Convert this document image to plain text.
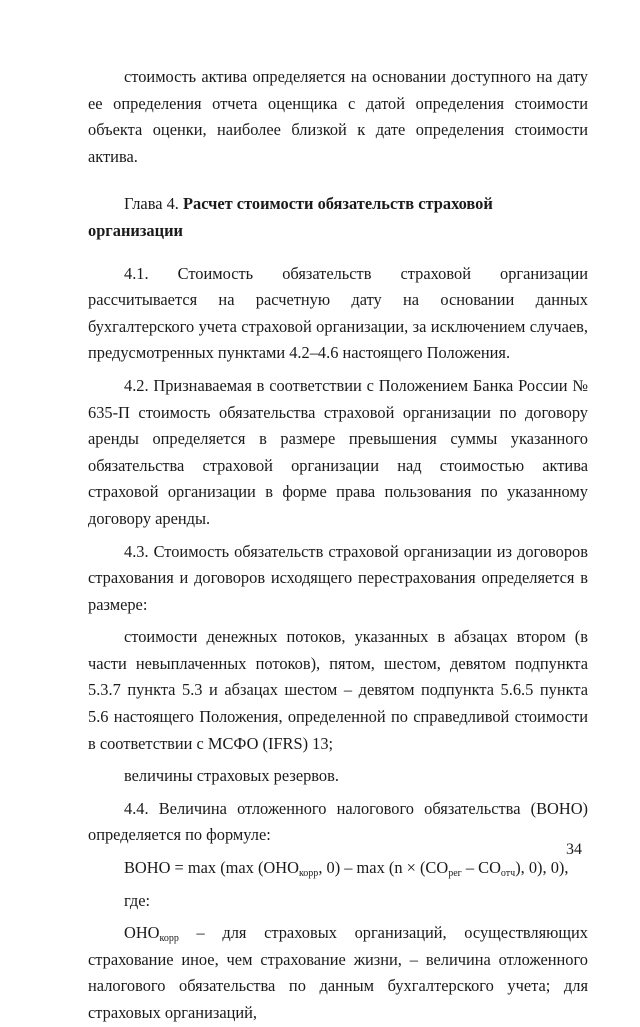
стоимость актива определяется на основании доступного на дату ее определения отчета оценщика с датой определения стоимости объекта оценки, наиболее близкой к дате определения стоимости актива.

Глава 4. Расчет стоимости обязательств страховой организации

4.1. Стоимость обязательств страховой организации рассчитывается на расчетную дату на основании данных бухгалтерского учета страховой организации, за исключением случаев, предусмотренных пунктами 4.2–4.6 настоящего Положения.

4.2. Признаваемая в соответствии с Положением Банка России № 635-П стоимость обязательства страховой организации по договору аренды определяется в размере превышения суммы указанного обязательства страховой организации над стоимостью актива страховой организации в форме права пользования по указанному договору аренды.

4.3. Стоимость обязательств страховой организации из договоров страхования и договоров исходящего перестрахования определяется в размере:

стоимости денежных потоков, указанных в абзацах втором (в части невыплаченных потоков), пятом, шестом, девятом подпункта 5.3.7 пункта 5.3 и абзацах шестом – девятом подпункта 5.6.5 пункта 5.6 настоящего Положения, определенной по справедливой стоимости в соответствии с МСФО (IFRS) 13;

величины страховых резервов.

4.4. Величина отложенного налогового обязательства (ВОНО) определяется по формуле:

ВОНО = max (max ($ОНО_{корр}$, $0) - \max (n \times (СО_{рег} - СО_{отч})$, 0), 0),

где:

$ОНО_{корр}$ – для страховых организаций, осуществляющих страхование иное, чем страхование жизни, – величина отложенного налогового обязательства по данным бухгалтерского учета; для страховых организаций,

34
